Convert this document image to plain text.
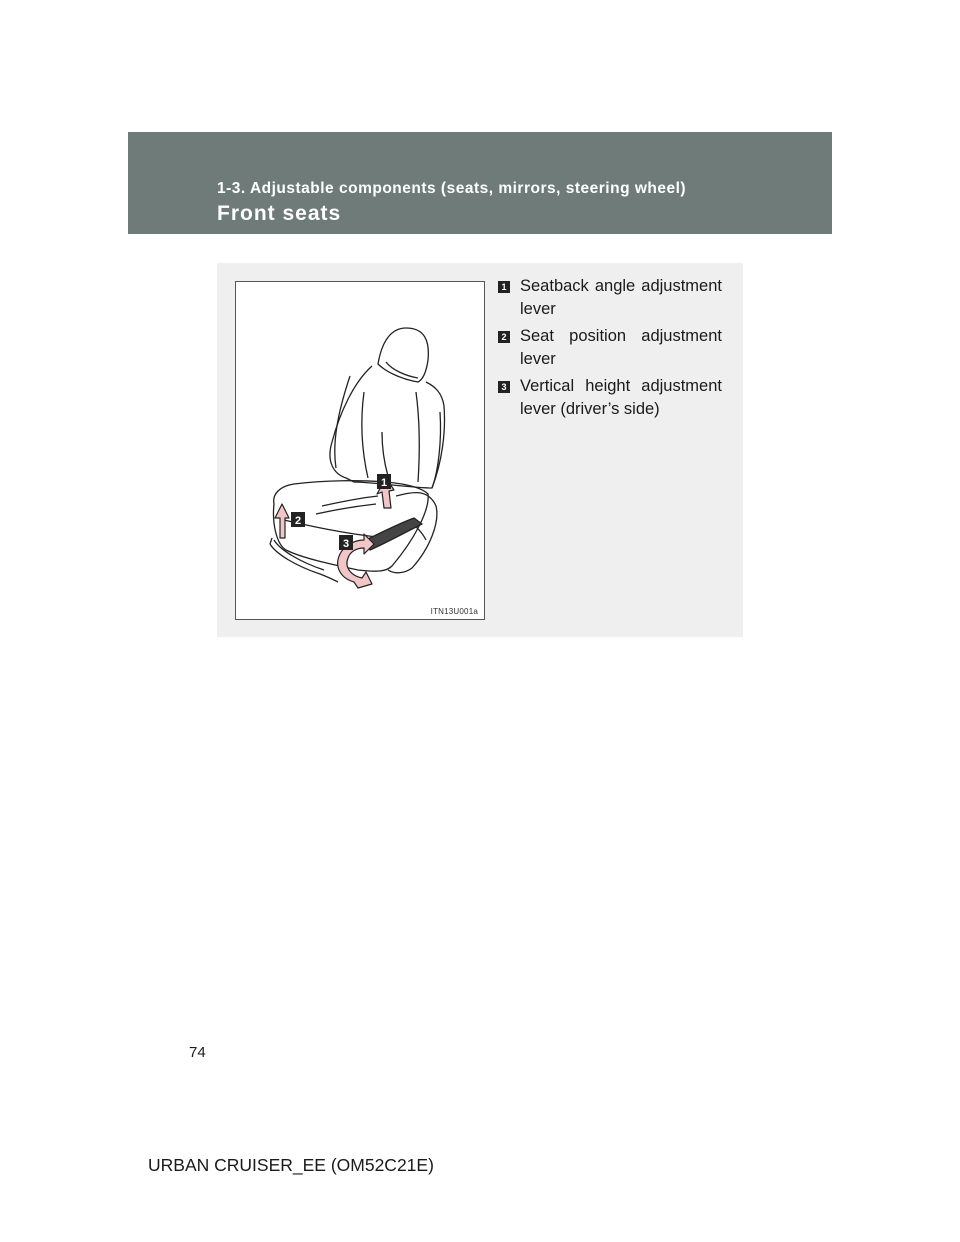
1-3. Adjustable components (seats, mirrors, steering wheel)
Front seats
1
2
3
ITN13U001a
1 Seatback angle adjustment lever
2 Seat position adjustment lever
3 Vertical height adjustment lever (driver’s side)
74
URBAN CRUISER_EE (OM52C21E)
